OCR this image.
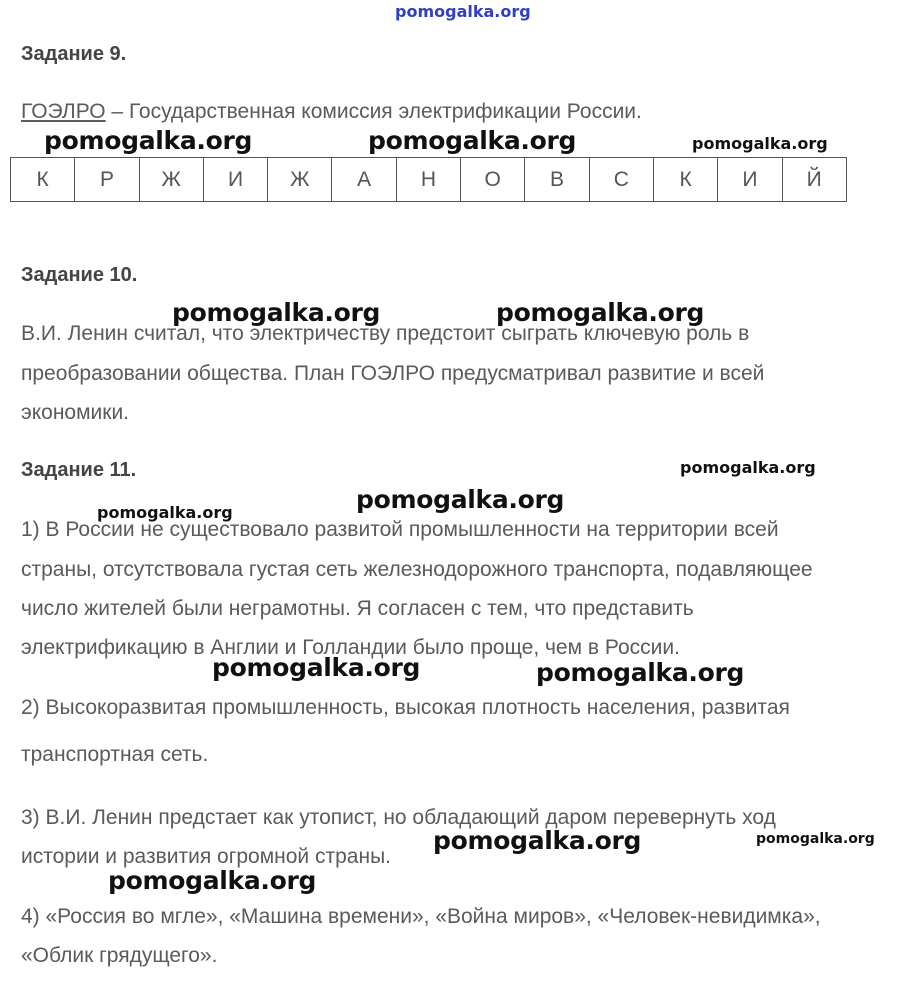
pomogalka.org
Задание 9.
ГОЭЛРО – Государственная комиссия электрификации России.
К	Р	Ж	И	Ж	А	Н	О	В	С	К	И	Й
Задание 10.
В.И. Ленин считал, что электричеству предстоит сыграть ключевую роль в
преобразовании общества. План ГОЭЛРО предусматривал развитие и всей
экономики.
Задание 11.
1) В России не существовало развитой промышленности на территории всей
страны, отсутствовала густая сеть железнодорожного транспорта, подавляющее
число жителей были неграмотны. Я согласен с тем, что представить
электрификацию в Англии и Голландии было проще, чем в России.
2) Высокоразвитая промышленность, высокая плотность населения, развитая
транспортная сеть.
3) В.И. Ленин предстает как утопист, но обладающий даром перевернуть ход
истории и развития огромной страны.
4) «Россия во мгле», «Машина времени», «Война миров», «Человек-невидимка»,
«Облик грядущего».
pomogalka.org	pomogalka.org	pomogalka.org
pomogalka.org	pomogalka.org
pomogalka.org
pomogalka.org	pomogalka.org
pomogalka.org	pomogalka.org
pomogalka.org	pomogalka.org
pomogalka.org
